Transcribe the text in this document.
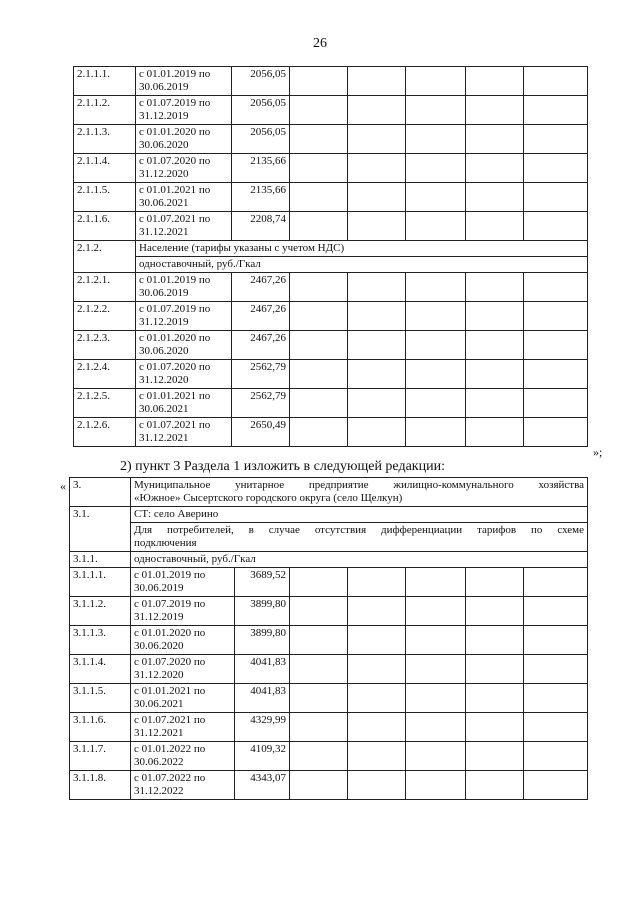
26
2.1.1.1.	с 01.01.2019 по 30.06.2019	2056,05					
2.1.1.2.	с 01.07.2019 по 31.12.2019	2056,05					
2.1.1.3.	с 01.01.2020 по 30.06.2020	2056,05					
2.1.1.4.	с 01.07.2020 по 31.12.2020	2135,66					
2.1.1.5.	с 01.01.2021 по 30.06.2021	2135,66					
2.1.1.6.	с 01.07.2021 по 31.12.2021	2208,74					
2.1.2.	Население (тарифы указаны с учетом НДС)						
	одноставочный, руб./Гкал						
2.1.2.1.	с 01.01.2019 по 30.06.2019	2467,26					
2.1.2.2.	с 01.07.2019 по 31.12.2019	2467,26					
2.1.2.3.	с 01.01.2020 по 30.06.2020	2467,26					
2.1.2.4.	с 01.07.2020 по 31.12.2020	2562,79					
2.1.2.5.	с 01.01.2021 по 30.06.2021	2562,79					
2.1.2.6.	с 01.07.2021 по 31.12.2021	2650,49					
»;
2) пункт 3 Раздела 1 изложить в следующей редакции:
« 3.	Муниципальное унитарное предприятие жилищно-коммунального хозяйства
«Южное» Сысертского городского округа (село Щелкун)						

3.1.	СТ: село Аверино						

	Для потребителей, в случае отсутствия дифференциации тарифов по схеме
подключения						

3.1.1.	одноставочный, руб./Гкал						
3.1.1.1.	с 01.01.2019 по 30.06.2019	3689,52					
3.1.1.2.	с 01.07.2019 по 31.12.2019	3899,80					
3.1.1.3.	с 01.01.2020 по 30.06.2020	3899,80					
3.1.1.4.	с 01.07.2020 по 31.12.2020	4041,83					
3.1.1.5.	с 01.01.2021 по 30.06.2021	4041,83					
3.1.1.6.	с 01.07.2021 по 31.12.2021	4329,99					
3.1.1.7.	с 01.01.2022 по 30.06.2022	4109,32					
3.1.1.8.	с 01.07.2022 по 31.12.2022	4343,07					
